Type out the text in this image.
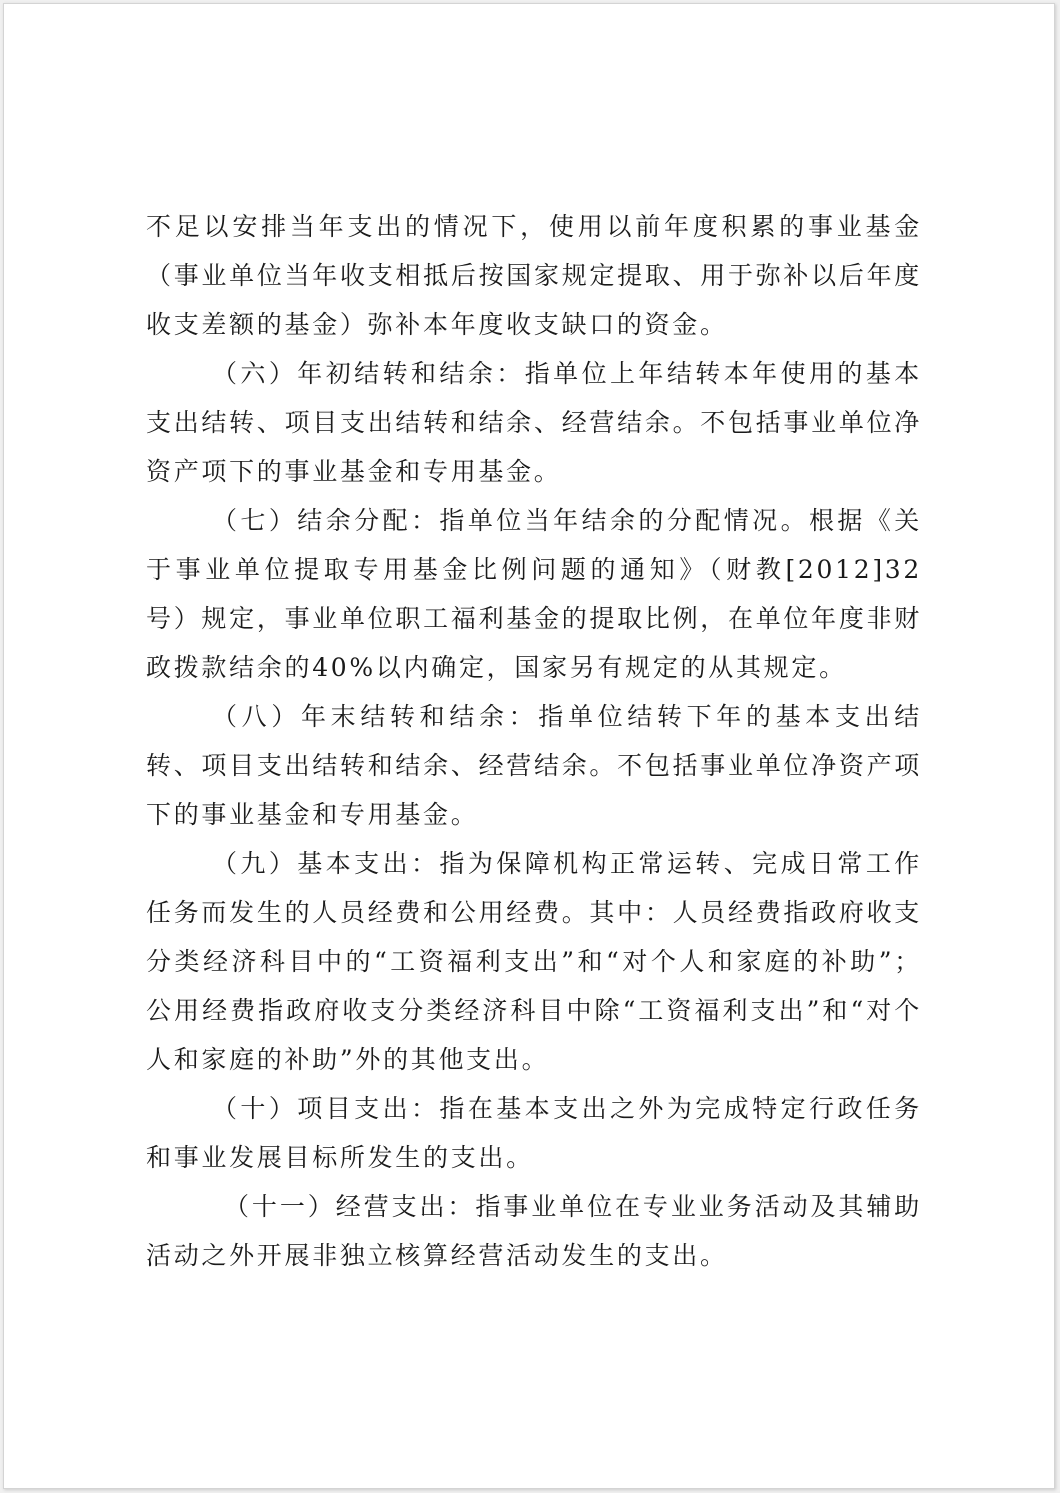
不足以安排当年支出的情况下，使用以前年度积累的事业基金（事业单位当年收支相抵后按国家规定提取、用于弥补以后年度收支差额的基金）弥补本年度收支缺口的资金。

（六）年初结转和结余：指单位上年结转本年使用的基本支出结转、项目支出结转和结余、经营结余。不包括事业单位净资产项下的事业基金和专用基金。

（七）结余分配：指单位当年结余的分配情况。根据《关于事业单位提取专用基金比例问题的通知》（财教[2012]32号）规定，事业单位职工福利基金的提取比例，在单位年度非财政拨款结余的40%以内确定，国家另有规定的从其规定。

（八）年末结转和结余：指单位结转下年的基本支出结转、项目支出结转和结余、经营结余。不包括事业单位净资产项下的事业基金和专用基金。

（九）基本支出：指为保障机构正常运转、完成日常工作任务而发生的人员经费和公用经费。其中：人员经费指政府收支分类经济科目中的“工资福利支出”和“对个人和家庭的补助”；公用经费指政府收支分类经济科目中除“工资福利支出”和“对个人和家庭的补助”外的其他支出。

（十）项目支出：指在基本支出之外为完成特定行政任务和事业发展目标所发生的支出。

（十一）经营支出：指事业单位在专业业务活动及其辅助活动之外开展非独立核算经营活动发生的支出。
